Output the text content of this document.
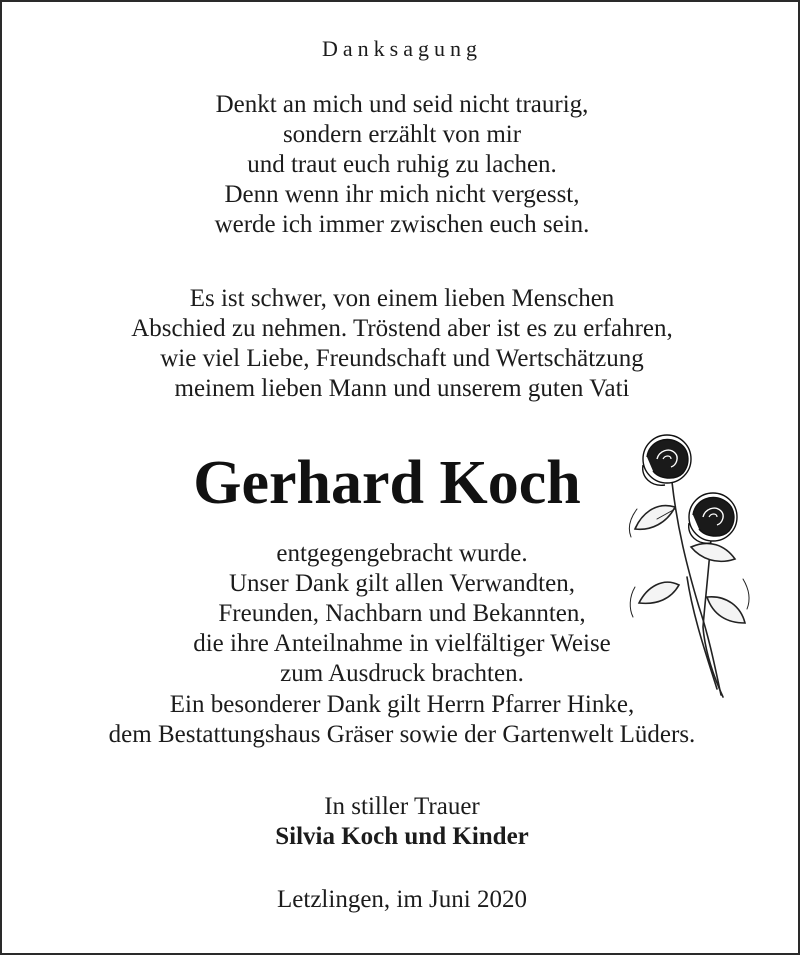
Danksagung
Denkt an mich und seid nicht traurig,
sondern erzählt von mir
und traut euch ruhig zu lachen.
Denn wenn ihr mich nicht vergesst,
werde ich immer zwischen euch sein.
Es ist schwer, von einem lieben Menschen
Abschied zu nehmen. Tröstend aber ist es zu erfahren,
wie viel Liebe, Freundschaft und Wertschätzung
meinem lieben Mann und unserem guten Vati
Gerhard Koch
entgegengebracht wurde.
Unser Dank gilt allen Verwandten,
Freunden, Nachbarn und Bekannten,
die ihre Anteilnahme in vielfältiger Weise
zum Ausdruck brachten.
Ein besonderer Dank gilt Herrn Pfarrer Hinke,
dem Bestattungshaus Gräser sowie der Gartenwelt Lüders.
In stiller Trauer
Silvia Koch und Kinder
Letzlingen, im Juni 2020
